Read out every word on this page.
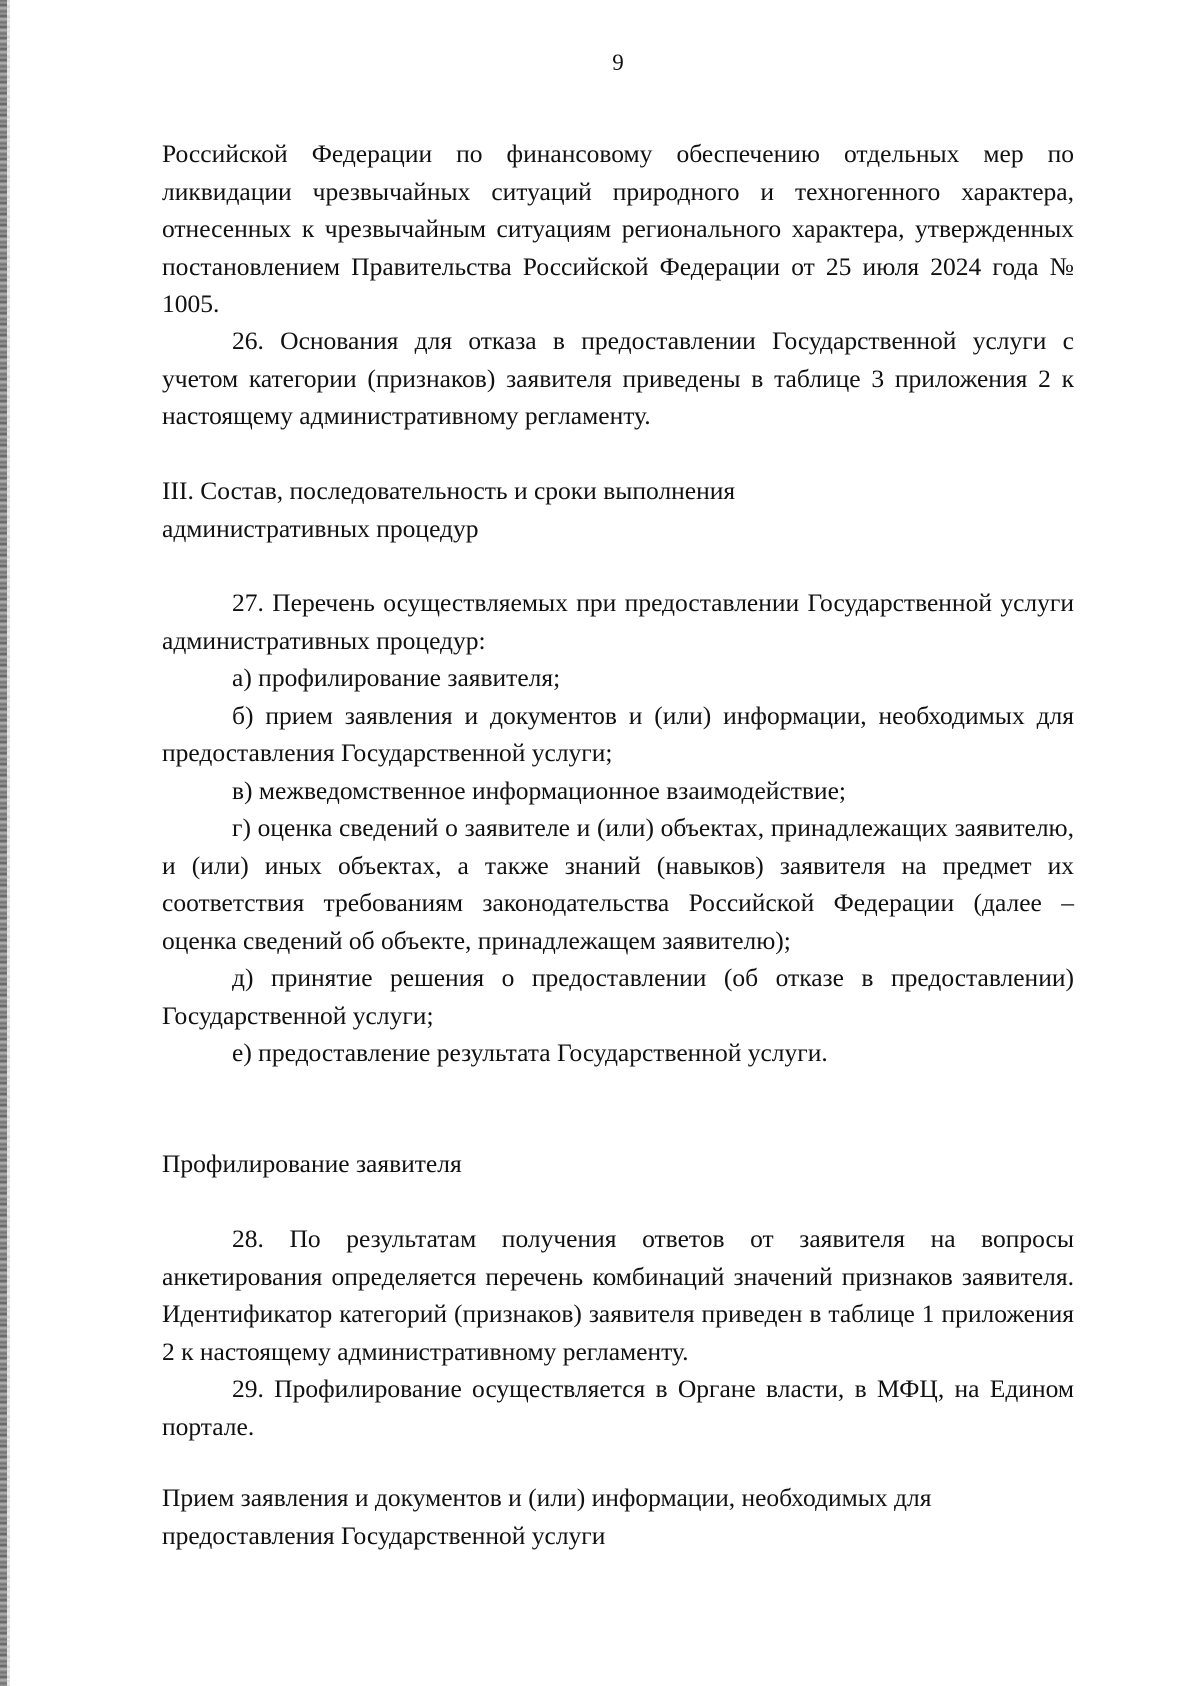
9

Российской Федерации по финансовому обеспечению отдельных мер по ликвидации чрезвычайных ситуаций природного и техногенного характера, отнесенных к чрезвычайным ситуациям регионального характера, утвержденных постановлением Правительства Российской Федерации от 25 июля 2024 года № 1005.

26. Основания для отказа в предоставлении Государственной услуги с учетом категории (признаков) заявителя приведены в таблице 3 приложения 2 к настоящему административному регламенту.

III. Состав, последовательность и сроки выполнения

административных процедур

27. Перечень осуществляемых при предоставлении Государственной услуги административных процедур:

а) профилирование заявителя;

б) прием заявления и документов и (или) информации, необходимых для предоставления Государственной услуги;

в) межведомственное информационное взаимодействие;

г) оценка сведений о заявителе и (или) объектах, принадлежащих заявителю, и (или) иных объектах, а также знаний (навыков) заявителя на предмет их соответствия требованиям законодательства Российской Федерации (далее – оценка сведений об объекте, принадлежащем заявителю);

д) принятие решения о предоставлении (об отказе в предоставлении) Государственной услуги;

е) предоставление результата Государственной услуги.

Профилирование заявителя

28. По результатам получения ответов от заявителя на вопросы анкетирования определяется перечень комбинаций значений признаков заявителя. Идентификатор категорий (признаков) заявителя приведен в таблице 1 приложения 2 к настоящему административному регламенту.

29. Профилирование осуществляется в Органе власти, в МФЦ, на Едином портале.

Прием заявления и документов и (или) информации, необходимых для

предоставления Государственной услуги
